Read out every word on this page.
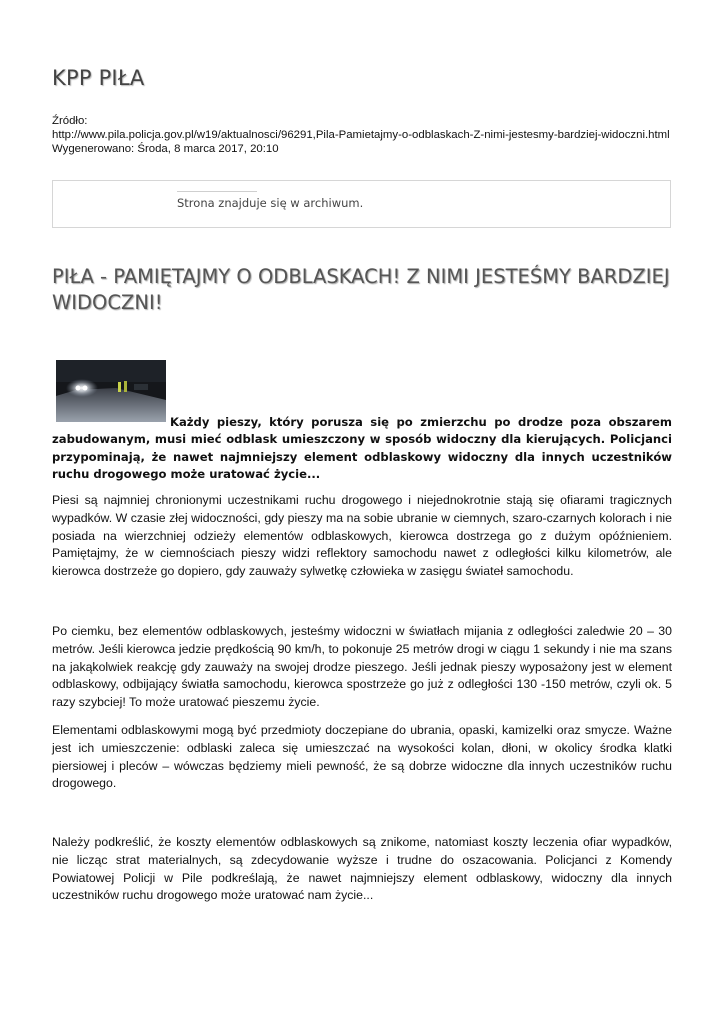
KPP PIŁA
Źródło:
http://www.pila.policja.gov.pl/w19/aktualnosci/96291,Pila-Pamietajmy-o-odblaskach-Z-nimi-jestesmy-bardziej-widoczni.html
Wygenerowano: Środa, 8 marca 2017, 20:10
Strona znajduje się w archiwum.
PIŁA - PAMIĘTAJMY O ODBLASKACH! Z NIMI JESTEŚMY BARDZIEJ WIDOCZNI!

Każdy pieszy, który porusza się po zmierzchu po drodze poza obszarem zabudowanym, musi mieć odblask umieszczony w sposób widoczny dla kierujących. Policjanci przypominają, że nawet najmniejszy element odblaskowy widoczny dla innych uczestników ruchu drogowego może uratować życie...

Piesi są najmniej chronionymi uczestnikami ruchu drogowego i niejednokrotnie stają się ofiarami tragicznych wypadków. W czasie złej widoczności, gdy pieszy ma na sobie ubranie w ciemnych, szaro-czarnych kolorach i nie posiada na wierzchniej odzieży elementów odblaskowych, kierowca dostrzega go z dużym opóźnieniem. Pamiętajmy, że w ciemnościach pieszy widzi reflektory samochodu nawet z odległości kilku kilometrów, ale kierowca dostrzeże go dopiero, gdy zauważy sylwetkę człowieka w zasięgu świateł samochodu.

Po ciemku, bez elementów odblaskowych, jesteśmy widoczni w światłach mijania z odległości zaledwie 20 – 30 metrów. Jeśli kierowca jedzie prędkością 90 km/h, to pokonuje 25 metrów drogi w ciągu 1 sekundy i nie ma szans na jakąkolwiek reakcję gdy zauważy na swojej drodze pieszego. Jeśli jednak pieszy wyposażony jest w element odblaskowy, odbijający światła samochodu, kierowca spostrzeże go już z odległości 130 -150 metrów, czyli ok. 5 razy szybciej! To może uratować pieszemu życie.

Elementami odblaskowymi mogą być przedmioty doczepiane do ubrania, opaski, kamizelki oraz smycze. Ważne jest ich umieszczenie: odblaski zaleca się umieszczać na wysokości kolan, dłoni, w okolicy środka klatki piersiowej i pleców – wówczas będziemy mieli pewność, że są dobrze widoczne dla innych uczestników ruchu drogowego.

Należy podkreślić, że koszty elementów odblaskowych są znikome, natomiast koszty leczenia ofiar wypadków, nie licząc strat materialnych, są zdecydowanie wyższe i trudne do oszacowania. Policjanci z Komendy Powiatowej Policji w Pile podkreślają, że nawet najmniejszy element odblaskowy, widoczny dla innych uczestników ruchu drogowego może uratować nam życie...
